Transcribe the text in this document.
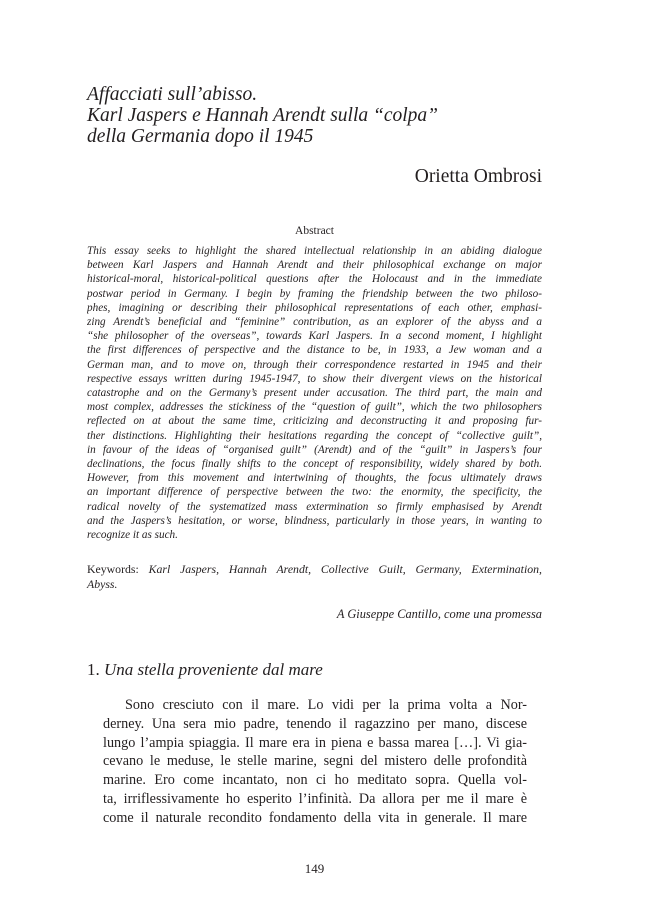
Affacciati sull’abisso.
Karl Jaspers e Hannah Arendt sulla “colpa”
della Germania dopo il 1945
Orietta Ombrosi
Abstract
This essay seeks to highlight the shared intellectual relationship in an abiding dialogue
between Karl Jaspers and Hannah Arendt and their philosophical exchange on major
historical-moral, historical-political questions after the Holocaust and in the immediate
postwar period in Germany. I begin by framing the friendship between the two philoso-
phes, imagining or describing their philosophical representations of each other, emphasi-
zing Arendt’s beneficial and “feminine” contribution, as an explorer of the abyss and a
“she philosopher of the overseas”, towards Karl Jaspers. In a second moment, I highlight
the first differences of perspective and the distance to be, in 1933, a Jew woman and a
German man, and to move on, through their correspondence restarted in 1945 and their
respective essays written during 1945-1947, to show their divergent views on the historical
catastrophe and on the Germany’s present under accusation. The third part, the main and
most complex, addresses the stickiness of the “question of guilt”, which the two philosophers
reflected on at about the same time, criticizing and deconstructing it and proposing fur-
ther distinctions. Highlighting their hesitations regarding the concept of “collective guilt”,
in favour of the ideas of “organised guilt” (Arendt) and of the “guilt” in Jaspers’s four
declinations, the focus finally shifts to the concept of responsibility, widely shared by both.
However, from this movement and intertwining of thoughts, the focus ultimately draws
an important difference of perspective between the two: the enormity, the specificity, the
radical novelty of the systematized mass extermination so firmly emphasised by Arendt
and the Jaspers’s hesitation, or worse, blindness, particularly in those years, in wanting to
recognize it as such.
Keywords: Karl Jaspers, Hannah Arendt, Collective Guilt, Germany, Extermination,
Abyss.
A Giuseppe Cantillo, come una promessa
1. Una stella proveniente dal mare
Sono cresciuto con il mare. Lo vidi per la prima volta a Nor-
derney. Una sera mio padre, tenendo il ragazzino per mano, discese
lungo l’ampia spiaggia. Il mare era in piena e bassa marea […]. Vi gia-
cevano le meduse, le stelle marine, segni del mistero delle profondità
marine. Ero come incantato, non ci ho meditato sopra. Quella vol-
ta, irriflessivamente ho esperito l’infinità. Da allora per me il mare è
come il naturale recondito fondamento della vita in generale. Il mare
149
